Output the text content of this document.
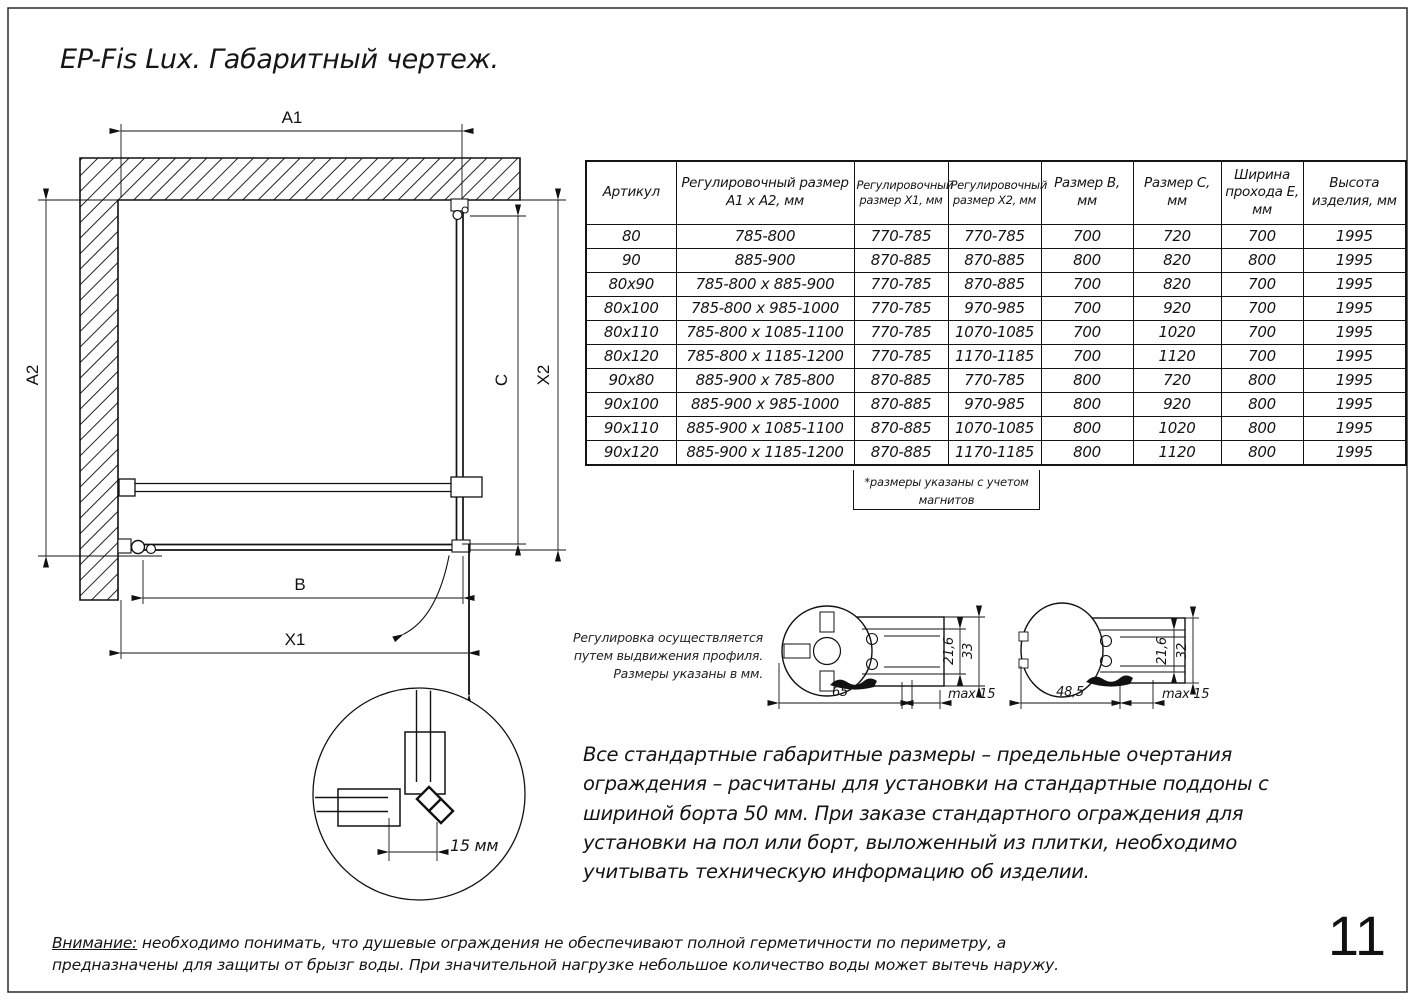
A1
A2	X2
C
B
X1
15 мм
65	max 15
21,6 33
48,5	max 15
21,6 32
EP-Fis Lux. Габаритный чертеж.
Регулировка осуществляется
путем выдвижения профиля.
Размеры указаны в мм.
Артикул	Регулировочный размер А1 х А2, мм	Регулировочный размер Х1, мм	Регулировочный размер Х2, мм	Размер В, мм	Размер С, мм	Ширина прохода Е, мм	Высота изделия, мм
80	785-800	770-785	770-785	700	720	700	1995
90	885-900	870-885	870-885	800	820	800	1995
80x90	785-800 x 885-900	770-785	870-885	700	820	700	1995
80x100	785-800 x 985-1000	770-785	970-985	700	920	700	1995
80x110	785-800 x 1085-1100	770-785	1070-1085	700	1020	700	1995
80x120	785-800 x 1185-1200	770-785	1170-1185	700	1120	700	1995
90x80	885-900 x 785-800	870-885	770-785	800	720	800	1995
90x100	885-900 x 985-1000	870-885	970-985	800	920	800	1995
90x110	885-900 x 1085-1100	870-885	1070-1085	800	1020	800	1995
90x120	885-900 x 1185-1200	870-885	1170-1185	800	1120	800	1995
*размеры указаны с учетом магнитов
Все стандартные габаритные размеры – предельные очертания ограждения – расчитаны для установки на стандартные поддоны с шириной борта 50 мм. При заказе стандартного ограждения для установки на пол или борт, выложенный из плитки, необходимо учитывать техническую информацию об изделии.
Внимание: необходимо понимать, что душевые ограждения не обеспечивают полной герметичности по периметру, а предназначены для защиты от брызг воды. При значительной нагрузке небольшое количество воды может вытечь наружу.	11
